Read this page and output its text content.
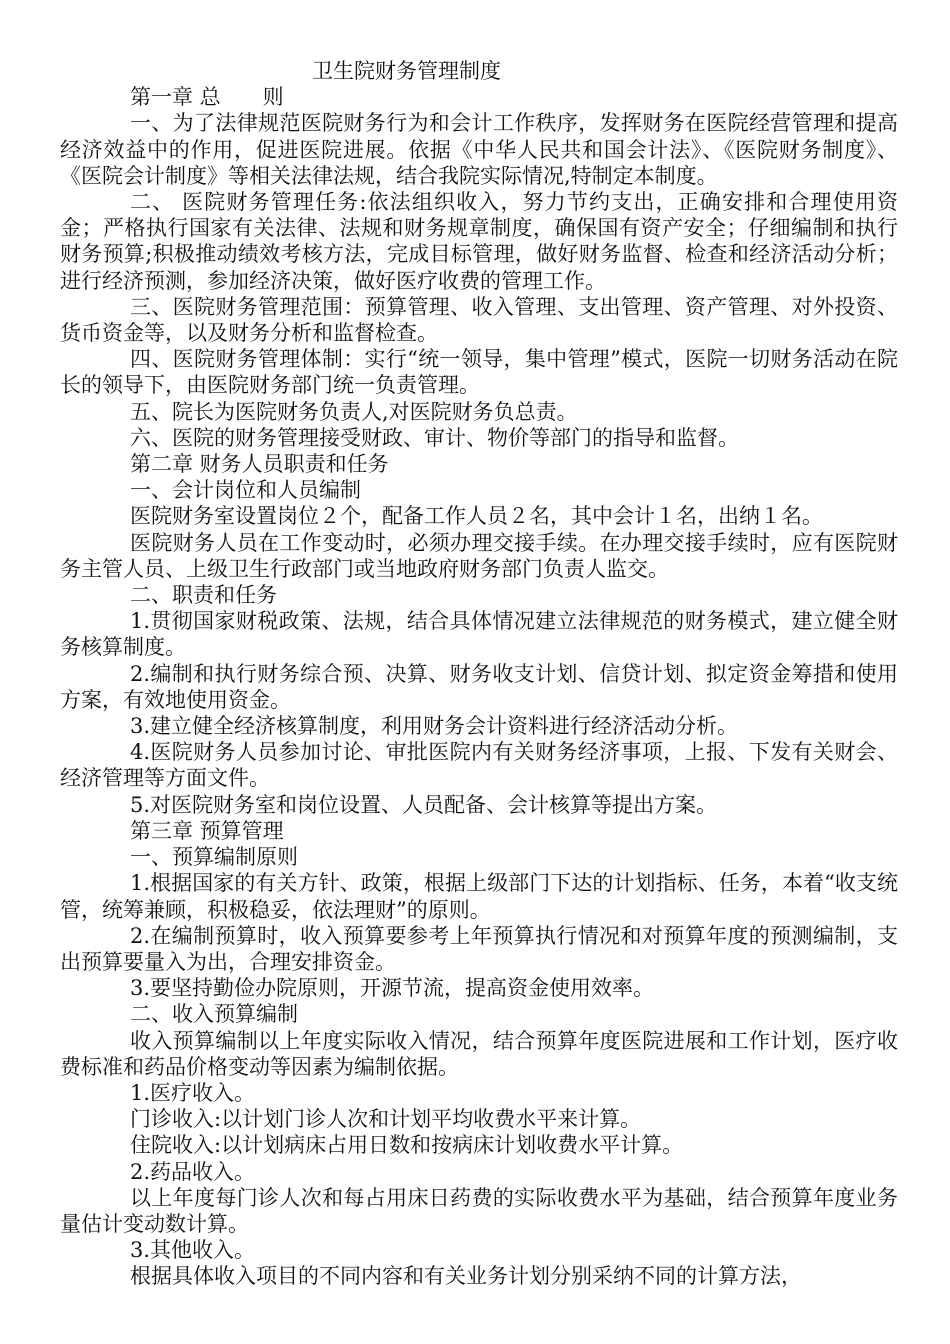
卫生院财务管理制度

第一章 总　　则

一、为了法律规范医院财务行为和会计工作秩序，发挥财务在医院经营管理和提高经济效益中的作用，促进医院进展。依据《中华人民共和国会计法》、《医院财务制度》、《医院会计制度》等相关法律法规，结合我院实际情况,特制定本制度。

二、 医院财务管理任务:依法组织收入，努力节约支出，正确安排和合理使用资金；严格执行国家有关法律、法规和财务规章制度，确保国有资产安全；仔细编制和执行财务预算;积极推动绩效考核方法，完成目标管理，做好财务监督、检查和经济活动分析；进行经济预测，参加经济决策，做好医疗收费的管理工作。

三、医院财务管理范围：预算管理、收入管理、支出管理、资产管理、对外投资、货币资金等，以及财务分析和监督检查。

四、医院财务管理体制：实行“统一领导，集中管理”模式，医院一切财务活动在院长的领导下，由医院财务部门统一负责管理。

五、院长为医院财务负责人,对医院财务负总责。

六、医院的财务管理接受财政、审计、物价等部门的指导和监督。

第二章 财务人员职责和任务

一、会计岗位和人员编制

医院财务室设置岗位２个，配备工作人员２名，其中会计１名，出纳１名。

医院财务人员在工作变动时，必须办理交接手续。在办理交接手续时，应有医院财务主管人员、上级卫生行政部门或当地政府财务部门负责人监交。

二、职责和任务

1.贯彻国家财税政策、法规，结合具体情况建立法律规范的财务模式，建立健全财务核算制度。

2.编制和执行财务综合预、决算、财务收支计划、信贷计划、拟定资金筹措和使用方案，有效地使用资金。

3.建立健全经济核算制度，利用财务会计资料进行经济活动分析。

4.医院财务人员参加讨论、审批医院内有关财务经济事项，上报、下发有关财会、经济管理等方面文件。

5.对医院财务室和岗位设置、人员配备、会计核算等提出方案。

第三章 预算管理

一、预算编制原则

1.根据国家的有关方针、政策，根据上级部门下达的计划指标、任务，本着“收支统管，统筹兼顾，积极稳妥，依法理财”的原则。

2.在编制预算时，收入预算要参考上年预算执行情况和对预算年度的预测编制，支出预算要量入为出，合理安排资金。

3.要坚持勤俭办院原则，开源节流，提高资金使用效率。

二、收入预算编制

收入预算编制以上年度实际收入情况，结合预算年度医院进展和工作计划，医疗收费标准和药品价格变动等因素为编制依据。

1.医疗收入。

门诊收入:以计划门诊人次和计划平均收费水平来计算。

住院收入:以计划病床占用日数和按病床计划收费水平计算。

2.药品收入。

以上年度每门诊人次和每占用床日药费的实际收费水平为基础，结合预算年度业务量估计变动数计算。

3.其他收入。

根据具体收入项目的不同内容和有关业务计划分别采纳不同的计算方法，
